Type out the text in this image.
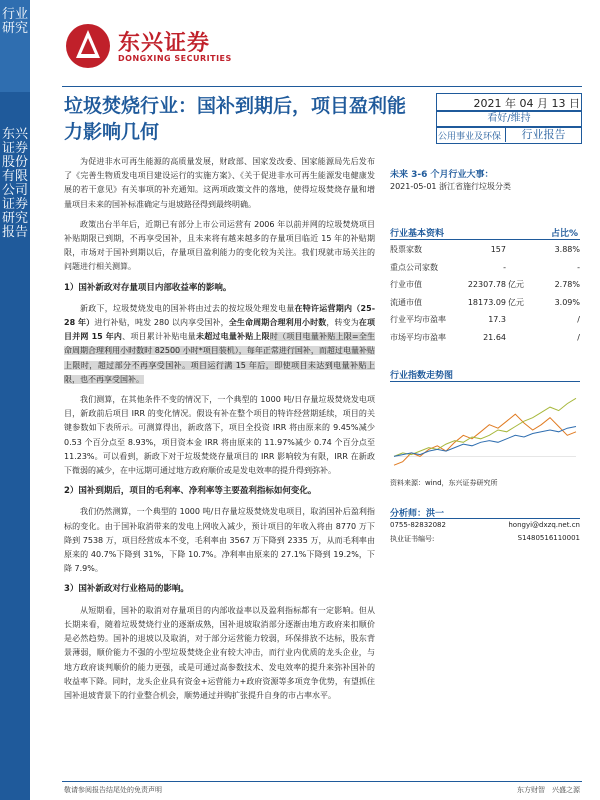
行业研究
东兴证券股份有限公司证券研究报告
东兴证券
DONGXING SECURITIES
垃圾焚烧行业：国补到期后，项目盈利能力影响几何
2021 年 04 月 13 日
看好/维持
公用事业及环保	行业报告

为促进非水可再生能源的高质量发展，财政部、国家发改委、国家能源局先后发布了《完善生物质发电项目建设运行的实施方案》、《关于促进非水可再生能源发电健康发展的若干意见》有关事项的补充通知。这两项政策文件的落地，使得垃圾焚烧存量和增量项目未来的国补标准确定与退坡路径得到最终明确。

政策出台半年后，近期已有部分上市公司运营有 2006 年以前并网的垃圾焚烧项目补贴期限已到期，不再享受国补，且未来将有越来越多的存量项目临近 15 年的补贴期限，市场对于国补到期以后，存量项目盈利能力的变化较为关注。我们现就市场关注的问题进行相关测算。

1）国补新政对存量项目内部收益率的影响。

新政下，垃圾焚烧发电的国补将由过去的按垃圾处理发电量在特许运营期内（25-28 年）进行补贴，吨发 280 以内享受国补，全生命周期合理利用小时数，转变为在项目并网 15 年内、项目累计补贴电量未超过电量补贴上限时（项目电量补贴上限=全生命周期合理利用小时数时 82500 小时*项目装机），每年正常进行国补，而超过电量补贴上限时，超过部分不再享受国补。项目运行满 15 年后，即使项目未达到电量补贴上限，也不再享受国补。

我们测算，在其他条件不变的情况下，一个典型的 1000 吨/日存量垃圾焚烧发电项目，新政前后项目 IRR 的变化情况。假设有补在整个项目的特许经营期延续，项目的关键参数如下表所示。可测算得出，新政落下，项目全投资 IRR 将由原来的 9.45%减少 0.53 个百分点至 8.93%，项目资本金 IRR 将由原来的 11.97%减少 0.74 个百分点至 11.23%。可以看到，新政下对于垃圾焚烧存量项目的 IRR 影响较为有限，IRR 在新政下微弱的减少，在中远期可通过地方政府顺价或是发电效率的提升得到弥补。

2）国补到期后，项目的毛利率、净利率等主要盈利指标如何变化。

我们仍然测算，一个典型的 1000 吨/日存量垃圾焚烧发电项目，取消国补后盈利指标的变化。由于国补取消带来的发电上网收入减少，预计项目的年收入将由 8770 万下降到 7538 万，项目经营成本不变，毛利率由 3567 万下降到 2335 万，从而毛利率由原来的 40.7%下降到 31%，下降 10.7%。净利率由原来的 27.1%下降到 19.2%，下降 7.9%。

3）国补新政对行业格局的影响。

从短期看，国补的取消对存量项目的内部收益率以及盈利指标都有一定影响。但从长期来看，随着垃圾焚烧行业的逐渐成熟，国补退坡取消部分逐渐由地方政府来扣顺价是必然趋势。国补的退坡以及取消，对于部分运营能力较弱，环保排放不达标，股东背景薄弱，顺价能力不强的小型垃圾焚烧企业有较大冲击，而行业内优质的龙头企业，与地方政府谈判顺价的能力更强，或是可通过高参数技术、发电效率的提升来弥补国补的收益率下降。同时，龙头企业具有资金+运营能力+政府资源等多项竞争优势，有望抓住国补退坡背景下的行业整合机会，顺势通过并购扩张提升自身的市占率水平。

未来 3-6 个月行业大事：
2021-05-01 浙江省施行垃圾分类
行业基本资料	占比%
股票家数	157		3.88%
重点公司家数	-		-
行业市值	22307.78	亿元	2.78%
流通市值	18173.09	亿元	3.09%
行业平均市盈率	17.3		/
市场平均市盈率	21.64		/
行业指数走势图
资料来源：wind，东兴证券研究所
分析师：洪一
0755-82832082	hongyi@dxzq.net.cn
执业证书编号:	S1480516110001
敬请参阅报告结尾处的免责声明	东方财智　兴盛之源
